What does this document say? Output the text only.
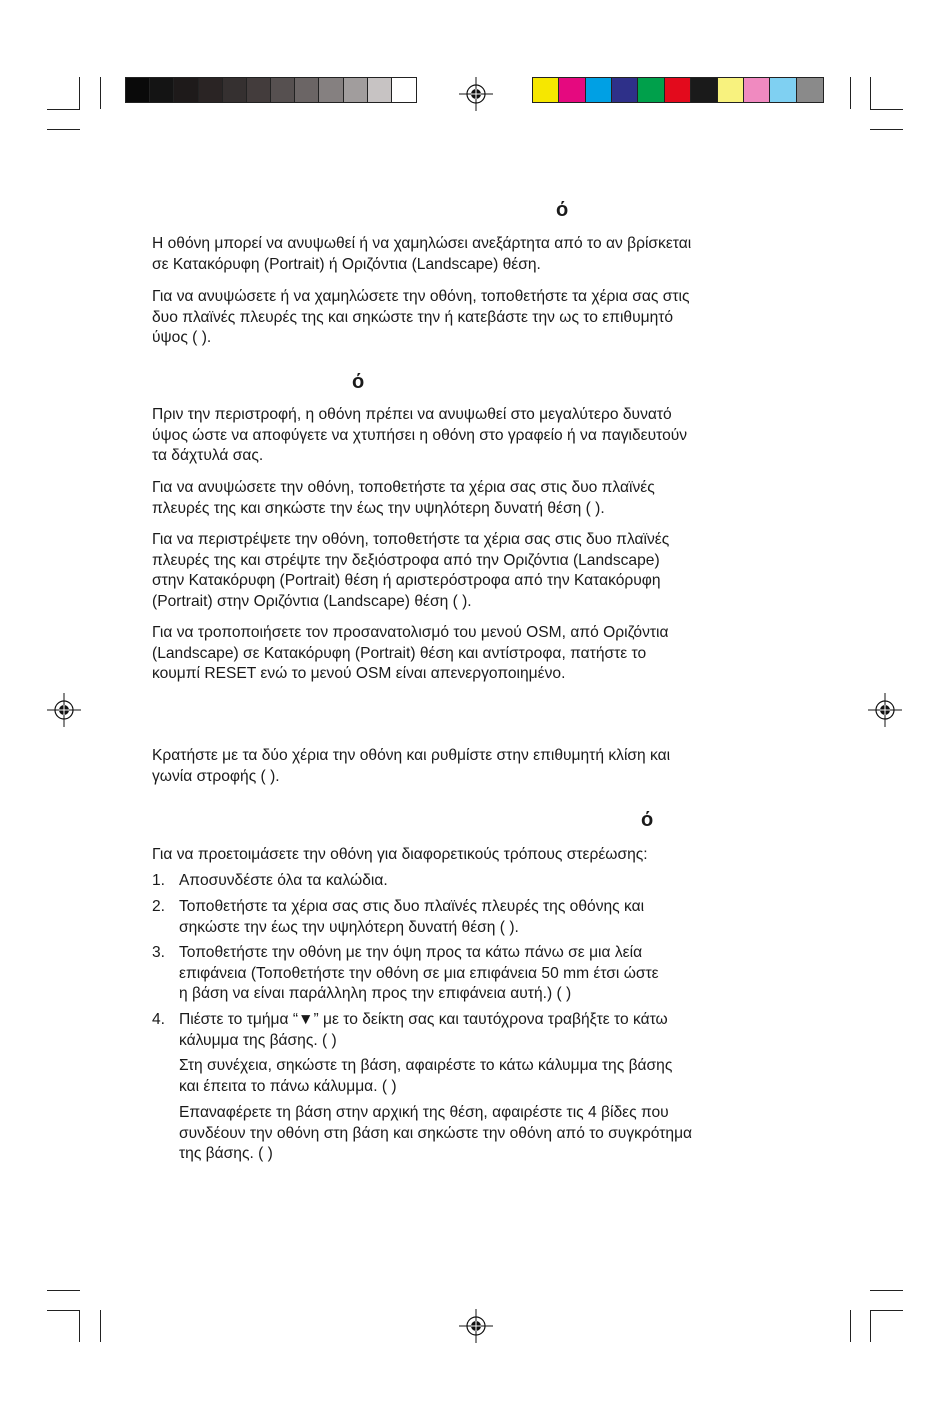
ό

Η οθόνη μπορεί να ανυψωθεί ή να χαμηλώσει ανεξάρτητα από το αν βρίσκεται
σε Κατακόρυφη (Portrait) ή Οριζόντια (Landscape) θέση.

Για να ανυψώσετε ή να χαμηλώσετε την οθόνη, τοποθετήστε τα χέρια σας στις
δυο πλαϊνές πλευρές της και σηκώστε την ή κατεβάστε την ως το επιθυμητό
ύψος ( ).

ό

Πριν την περιστροφή, η οθόνη πρέπει να ανυψωθεί στο μεγαλύτερο δυνατό
ύψος ώστε να αποφύγετε να χτυπήσει η οθόνη στο γραφείο ή να παγιδευτούν
τα δάχτυλά σας.

Για να ανυψώσετε την οθόνη, τοποθετήστε τα χέρια σας στις δυο πλαϊνές
πλευρές της και σηκώστε την έως την υψηλότερη δυνατή θέση ( ).

Για να περιστρέψετε την οθόνη, τοποθετήστε τα χέρια σας στις δυο πλαϊνές
πλευρές της και στρέψτε την δεξιόστροφα από την Οριζόντια (Landscape)
στην Κατακόρυφη (Portrait) θέση ή αριστερόστροφα από την Κατακόρυφη
(Portrait) στην Οριζόντια (Landscape) θέση ( ).

Για να τροποποιήσετε τον προσανατολισμό του μενού OSM, από Οριζόντια
(Landscape) σε Κατακόρυφη (Portrait) θέση και αντίστροφα, πατήστε το
κουμπί RESET ενώ το μενού OSM είναι απενεργοποιημένο.

Κρατήστε με τα δύο χέρια την οθόνη και ρυθμίστε στην επιθυμητή κλίση και
γωνία στροφής ( ).

ό

Για να προετοιμάσετε την οθόνη για διαφορετικούς τρόπους στερέωσης:

1. Αποσυνδέστε όλα τα καλώδια.
2. Τοποθετήστε τα χέρια σας στις δυο πλαϊνές πλευρές της οθόνης και
σηκώστε την έως την υψηλότερη δυνατή θέση ( ).
3. Τοποθετήστε την οθόνη με την όψη προς τα κάτω πάνω σε μια λεία
επιφάνεια (Τοποθετήστε την οθόνη σε μια επιφάνεια 50 mm έτσι ώστε
η βάση να είναι παράλληλη προς την επιφάνεια αυτή.) ( )
4. Πιέστε το τμήμα “▼” με το δείκτη σας και ταυτόχρονα τραβήξτε το κάτω
κάλυμμα της βάσης. ( )
Στη συνέχεια, σηκώστε τη βάση, αφαιρέστε το κάτω κάλυμμα της βάσης
και έπειτα το πάνω κάλυμμα. ( )
Επαναφέρετε τη βάση στην αρχική της θέση, αφαιρέστε τις 4 βίδες που
συνδέουν την οθόνη στη βάση και σηκώστε την οθόνη από το συγκρότημα
της βάσης. ( )
